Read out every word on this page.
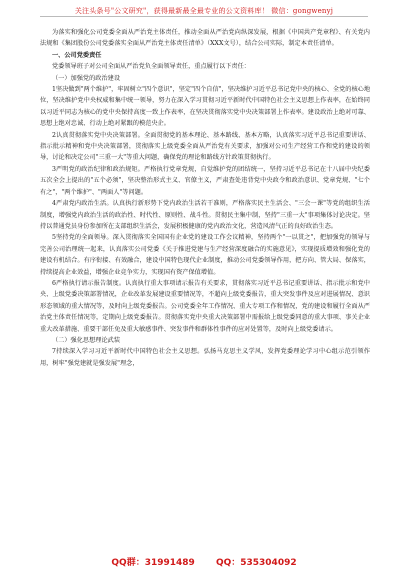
关注头条号"公文研究"，获得最新最全最专业的公文资料库！ 微信：gongwenyj

为落实和强化公司党委全面从严治党主体责任，推动全面从严治党向纵深发展，根据《中国共产党章程》、有关党内法规和《集团股份公司党委落实全面从严治党主体责任清单》（XXX文号），结合公司实际，制定本责任清单。

一、公司党委责任

党委领导班子对公司全面从严治党负全面领导责任，重点履行以下责任：

（一）加强党的政治建设

1坚决做到"两个维护"，牢固树立"四个意识"，坚定"四个自信"，坚决维护习近平总书记党中央的核心、全党的核心地位，坚决维护党中央权威和集中统一领导，努力在深入学习贯彻习近平新时代中国特色社会主义思想上作表率，在始终同以习近平同志为核心的党中央保持高度一致上作表率，在坚决贯彻落实党中央决策部署上作表率。建设政治上绝对可靠、思想上绝对忠诚、行动上绝对紧跟的模范央企。

2认真贯彻落实党中央决策部署。全面贯彻党的基本理论、基本路线、基本方略，认真落实习近平总书记重要讲话、指示批示精神和党中央决策部署，贯彻落实上级党委全面从严治党有关要求，加强对公司生产经营工作和党的建设的领导，讨论和决定公司"三重一大"等重大问题，确保党的理论和路线方针政策贯彻执行。

3严明党的政治纪律和政治规矩。严格执行党章党规，自觉维护党的团结统一，坚持习近平总书记在十八届中央纪委五次全会上提出的"五个必须"，坚决整治形式主义、官僚主义，严肃查处违背党中央政令和政治意识、党章党规、"七个有之"，"两个维护"、"两面人"等问题。

4严肃党内政治生活。认真执行新形势下党内政治生活若干准则，严格落实民主生活会、"三会一课"等党的组织生活制度，增强党内政治生活的政治性、时代性、原则性、战斗性。贯彻民主集中制，坚持"三重一大"事项集体讨论决定。坚持以普通党员身份参加所在支部组织生活会，发展积极健康的党内政治文化，营造风清气正的良好政治生态。

5坚持党的全面领导。深入贯彻落实全国国有企业党的建设工作会议精神，坚持两个"一以贯之"，把加强党的领导与完善公司治理统一起来，认真落实公司党委《关于推进党建与生产经营深度融合的实施意见》，实现提质增效和强化党的建设有机结合。有序衔接、有效融合，建设中国特色现代企业制度，推动公司党委领导作用，把方向、管大局、保落实，持续提高企业效益，增强企业竞争实力，实现国有资产保值增值。

6严格执行请示报告制度。认真执行重大事项请示报告有关要求，贯彻落实习近平总书记重要讲话、指示批示和党中央、上级党委决策部署情况，企业改革发展建设重要情况等，不超向上级党委报告，重大突发事件及应对进展情况、意识形态领域的重大情况等，及时向上级党委报告。公司党委全年工作情况、重大专项工作和情况，党的建设和履行全面从严治党主体责任情况等，定期向上级党委报告。贯彻落实党中央重大决策部署中需报给上级党委同意的重大事项、事关企业重大改革措施、重要干部任免及重大敏感事件、突发事件和群体性事件的应对处置等，及时向上级党委请示。

（二）强化思想理论武装

7持续深入学习习近平新时代中国特色社会主义思想。弘扬马克思主义学风，发挥党委理论学习中心组示范引领作用，树牢"强党建就是强发展"理念，

QQ群：31991489 QQ：535304092
